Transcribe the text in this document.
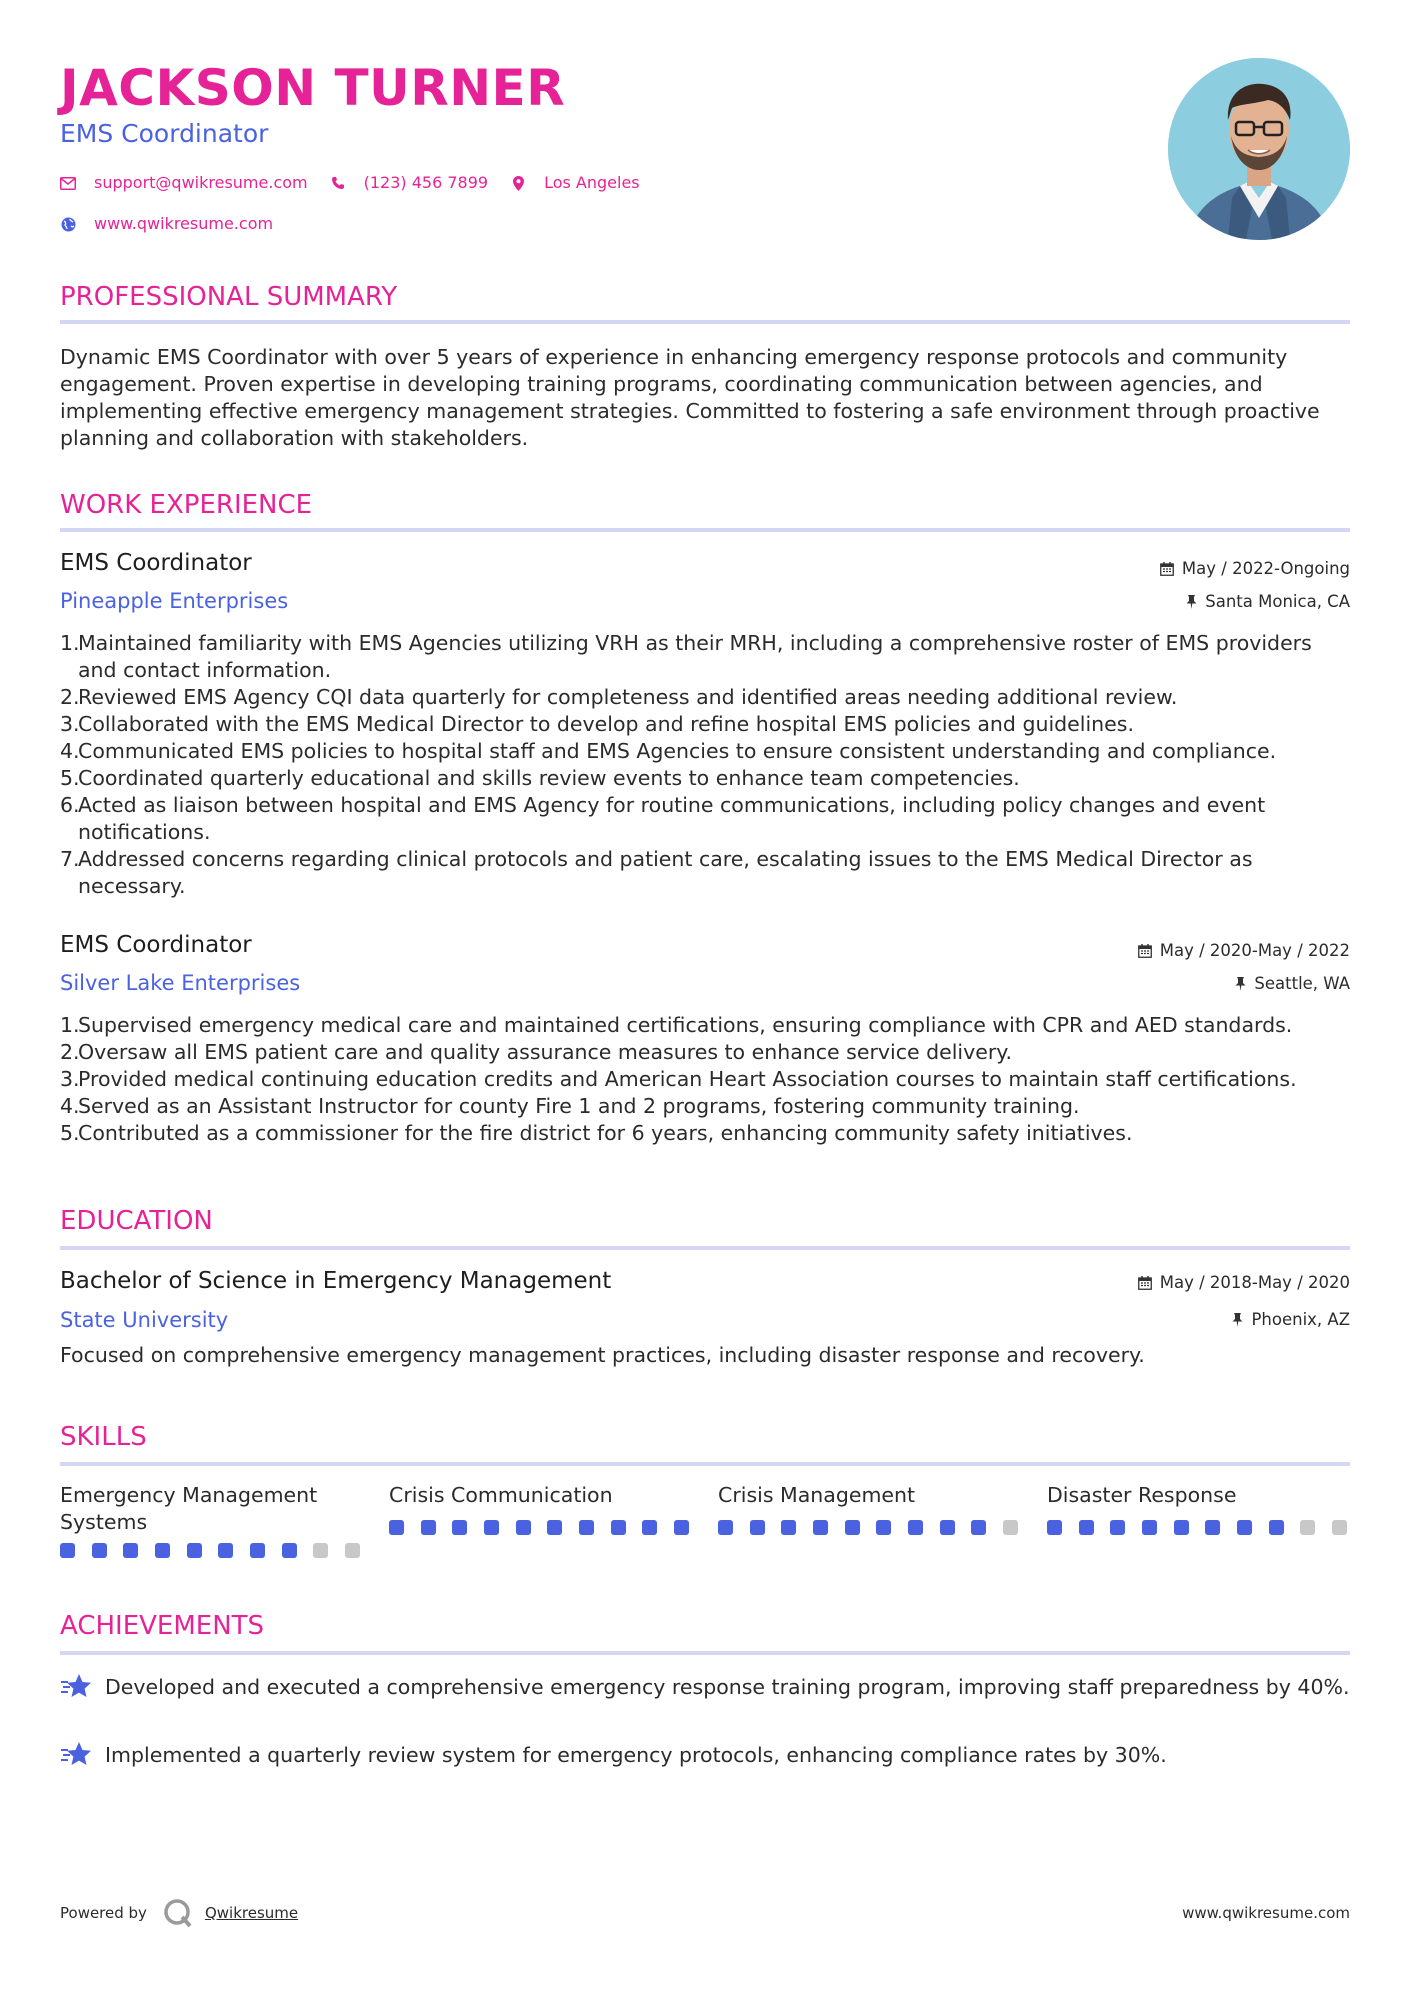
JACKSON TURNER
EMS Coordinator
support@qwikresume.com	(123) 456 7899	Los Angeles
www.qwikresume.com
PROFESSIONAL SUMMARY
Dynamic EMS Coordinator with over 5 years of experience in enhancing emergency response protocols and community engagement. Proven expertise in developing training programs, coordinating communication between agencies, and implementing effective emergency management strategies. Committed to fostering a safe environment through proactive planning and collaboration with stakeholders.
WORK EXPERIENCE
EMS Coordinator	May / 2022-Ongoing
Pineapple Enterprises	Santa Monica, CA
1.
Maintained familiarity with EMS Agencies utilizing VRH as their MRH, including a comprehensive roster of EMS providers and contact information.
2.
Reviewed EMS Agency CQI data quarterly for completeness and identified areas needing additional review.
3.
Collaborated with the EMS Medical Director to develop and refine hospital EMS policies and guidelines.
4.
Communicated EMS policies to hospital staff and EMS Agencies to ensure consistent understanding and compliance.
5.
Coordinated quarterly educational and skills review events to enhance team competencies.
6.
Acted as liaison between hospital and EMS Agency for routine communications, including policy changes and event notifications.
7.
Addressed concerns regarding clinical protocols and patient care, escalating issues to the EMS Medical Director as necessary.
EMS Coordinator	May / 2020-May / 2022
Silver Lake Enterprises	Seattle, WA
1.
Supervised emergency medical care and maintained certifications, ensuring compliance with CPR and AED standards.
2.
Oversaw all EMS patient care and quality assurance measures to enhance service delivery.
3.
Provided medical continuing education credits and American Heart Association courses to maintain staff certifications.
4.
Served as an Assistant Instructor for county Fire 1 and 2 programs, fostering community training.
5.
Contributed as a commissioner for the fire district for 6 years, enhancing community safety initiatives.
EDUCATION
Bachelor of Science in Emergency Management	May / 2018-May / 2020
State University	Phoenix, AZ
Focused on comprehensive emergency management practices, including disaster response and recovery.
SKILLS
Emergency Management Systems
Crisis Communication	Crisis Management	Disaster Response
ACHIEVEMENTS
Developed and executed a comprehensive emergency response training program, improving staff preparedness by 40%.
Implemented a quarterly review system for emergency protocols, enhancing compliance rates by 30%.
Powered by	Qwikresume	www.qwikresume.com
